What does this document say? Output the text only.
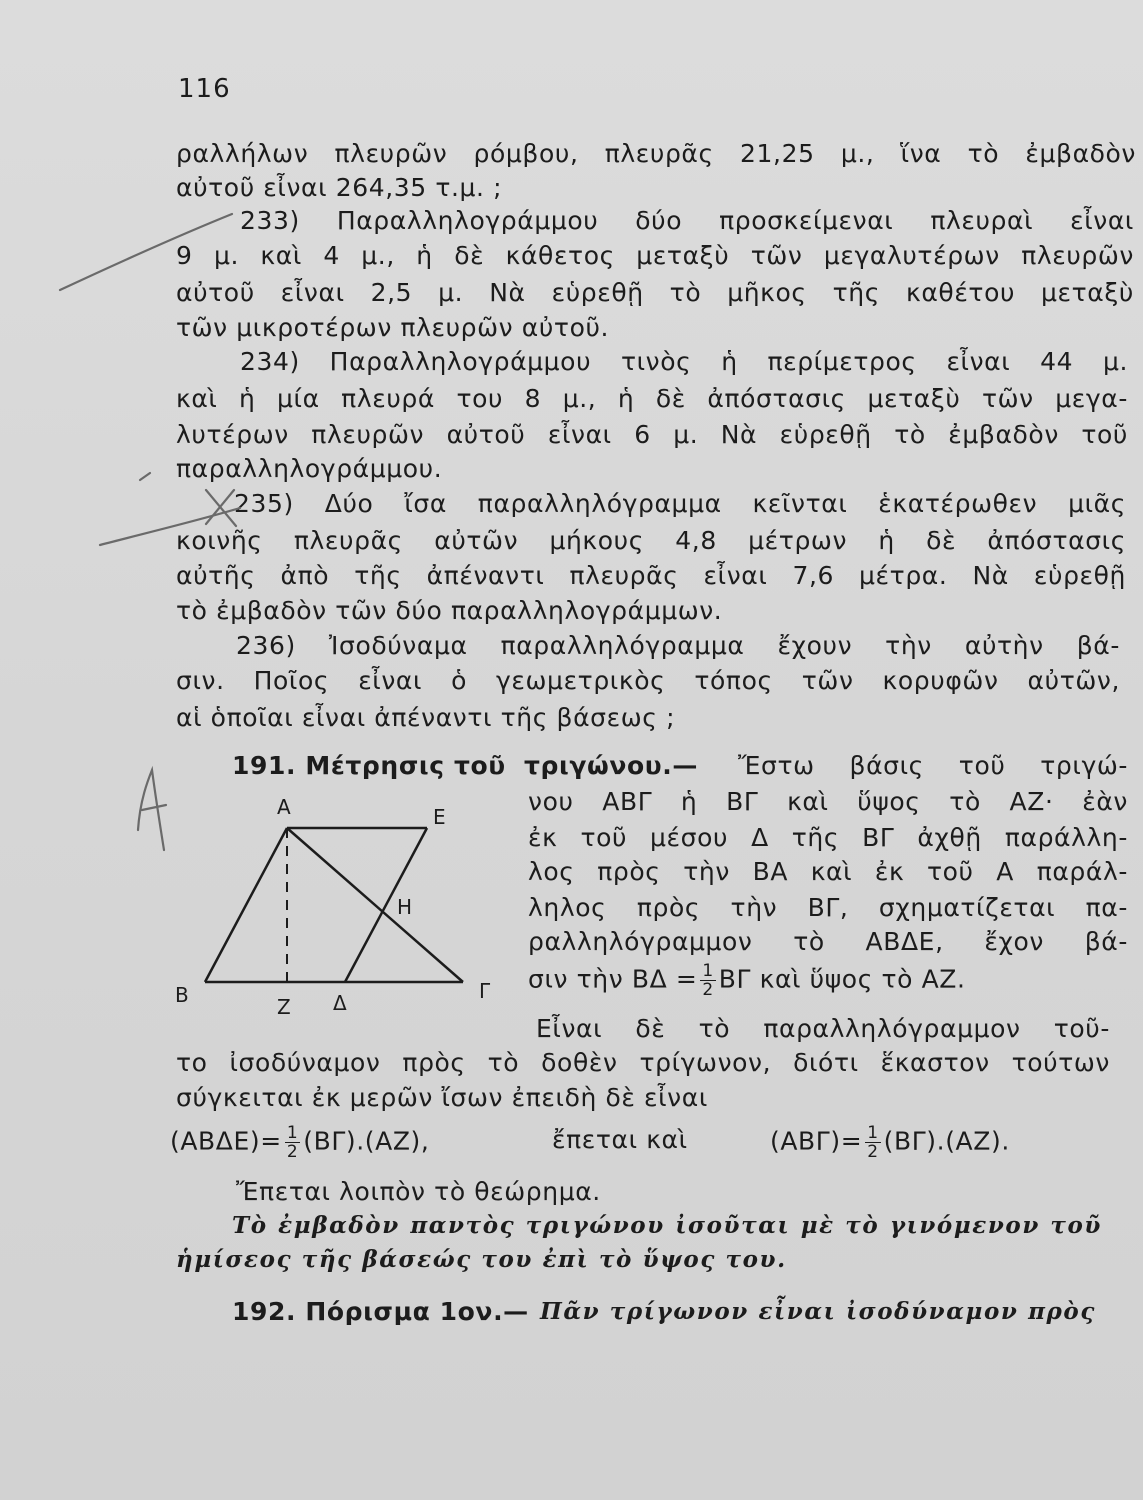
116
ραλλήλων πλευρῶν ρόμβου, πλευρᾶς 21,25 μ., ἵνα τὸ ἐμβαδὸν
αὐτοῦ εἶναι 264,35 τ.μ. ;
233) Παραλληλογράμμου δύο προσκείμεναι πλευραὶ εἶναι
9 μ. καὶ 4 μ., ἡ δὲ κάθετος μεταξὺ τῶν μεγαλυτέρων πλευρῶν
αὐτοῦ εἶναι 2,5 μ. Νὰ εὑρεθῇ τὸ μῆκος τῆς καθέτου μεταξὺ
τῶν μικροτέρων πλευρῶν αὐτοῦ.
234) Παραλληλογράμμου τινὸς ἡ περίμετρος εἶναι 44 μ.
καὶ ἡ μία πλευρά του 8 μ., ἡ δὲ ἀπόστασις μεταξὺ τῶν μεγα-
λυτέρων πλευρῶν αὐτοῦ εἶναι 6 μ. Νὰ εὑρεθῇ τὸ ἐμβαδὸν τοῦ
παραλληλογράμμου.
235) Δύο ἴσα παραλληλόγραμμα κεῖνται ἑκατέρωθεν μιᾶς
κοινῆς πλευρᾶς αὐτῶν μήκους 4,8 μέτρων ἡ δὲ ἀπόστασις
αὐτῆς ἀπὸ τῆς ἀπέναντι πλευρᾶς εἶναι 7,6 μέτρα. Νὰ εὑρεθῇ
τὸ ἐμβαδὸν τῶν δύο παραλληλογράμμων.
236) Ἰσοδύναμα παραλληλόγραμμα ἔχουν τὴν αὐτὴν βά-
σιν. Ποῖος εἶναι ὁ γεωμετρικὸς τόπος τῶν κορυφῶν αὐτῶν,
αἱ ὁποῖαι εἶναι ἀπέναντι τῆς βάσεως ;
191. Μέτρησις τοῦ τριγώνου.— Ἔστω βάσις τοῦ τριγώ-
νου ΑΒΓ ἡ ΒΓ καὶ ὕψος τὸ ΑΖ· ἐὰν
ἐκ τοῦ μέσου Δ τῆς ΒΓ ἀχθῇ παράλλη-
λος πρὸς τὴν ΒΑ καὶ ἐκ τοῦ Α παράλ-
ληλος πρὸς τὴν ΒΓ, σχηματίζεται πα-
ραλληλόγραμμον τὸ ΑΒΔΕ, ἔχον βά-
σιν τὴν $B\Delta = \frac{1}{2}$ ΒΓ καὶ ὕψος τὸ ΑΖ.
Εἶναι δὲ τὸ παραλληλόγραμμον τοῦ-
το ἰσοδύναμον πρὸς τὸ δοθὲν τρίγωνον, διότι ἕκαστον τούτων
σύγκειται ἐκ μερῶν ἴσων ἐπειδὴ δὲ εἶναι
$(AB\Delta E)= \frac{1}{2} (B\Gamma).(AZ)$,	ἔπεται καὶ	$(AB\Gamma)= \frac{1}{2} (B\Gamma).(AZ)$.
Ἔπεται λοιπὸν τὸ θεώρημα.
Τὸ ἐμβαδὸν παντὸς τριγώνου ἰσοῦται μὲ τὸ γινόμενον τοῦ
ἡμίσεος τῆς βάσεώς του ἐπὶ τὸ ὕψος του.
192. Πόρισμα 1ον.— Πᾶν τρίγωνον εἶναι ἰσοδύναμον πρὸς
Α	Ε
Η
Β	Ζ Δ	Γ
